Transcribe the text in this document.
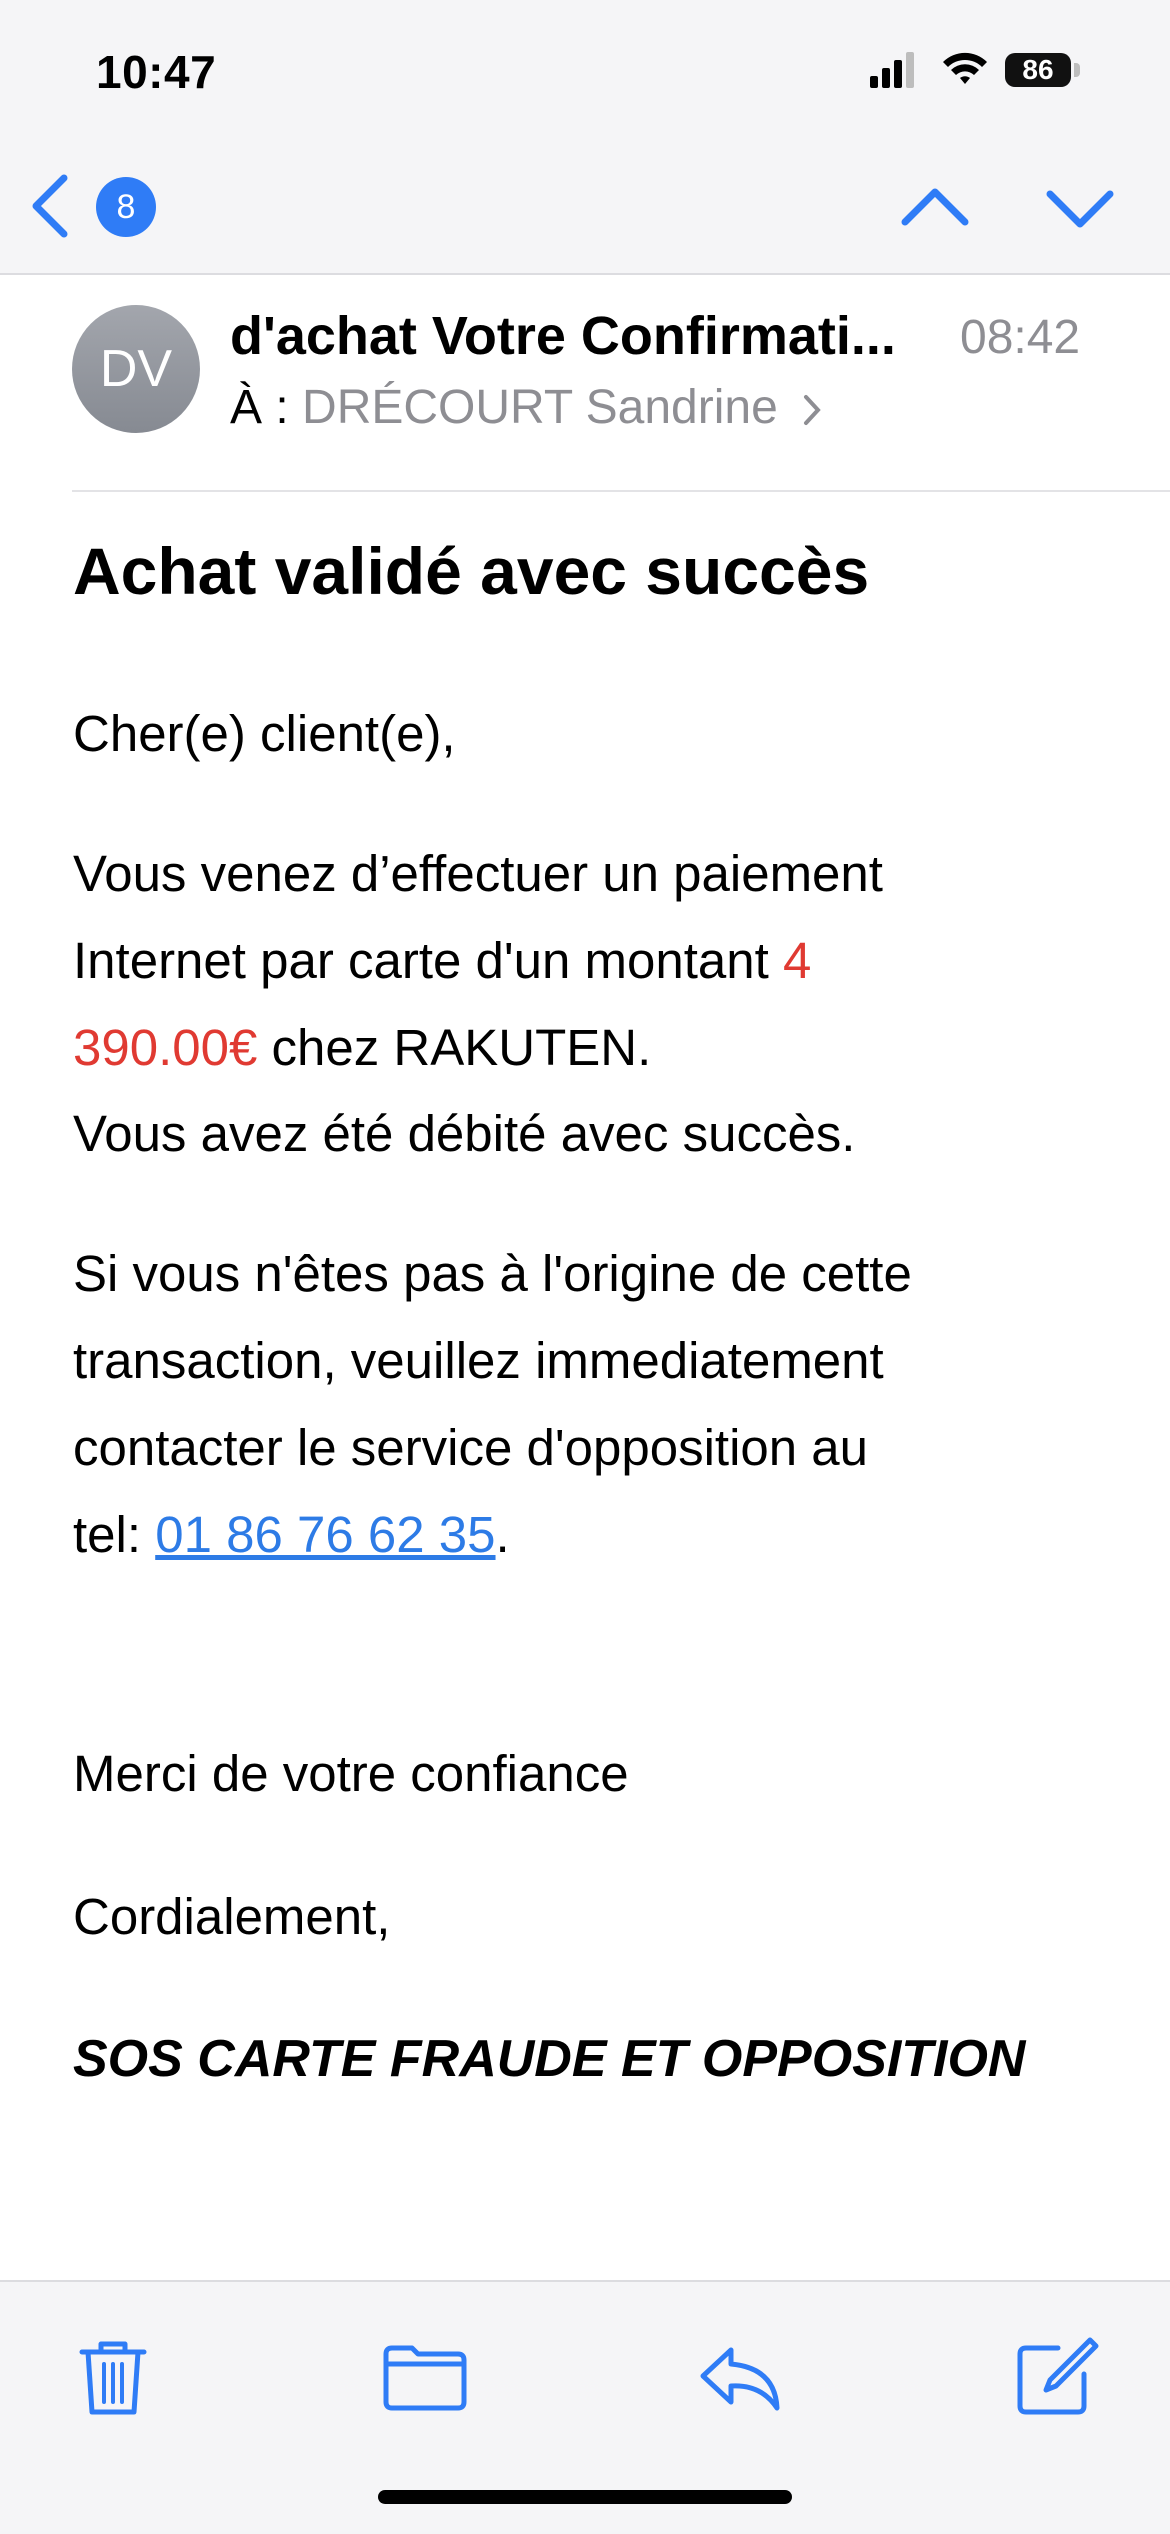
10:47	86
8
DV
d'achat Votre Confirmati...	08:42
À : DRÉCOURT Sandrine
Achat validé avec succès

Cher(e) client(e),

Vous venez d’effectuer un paiement
Internet par carte d'un montant 4
390.00€ chez RAKUTEN.

Vous avez été débité avec succès.

Si vous n'êtes pas à l'origine de cette
transaction, veuillez immediatement
contacter le service d'opposition au
tel: 01 86 76 62 35.

Merci de votre confiance

Cordialement,

SOS CARTE FRAUDE ET OPPOSITION
